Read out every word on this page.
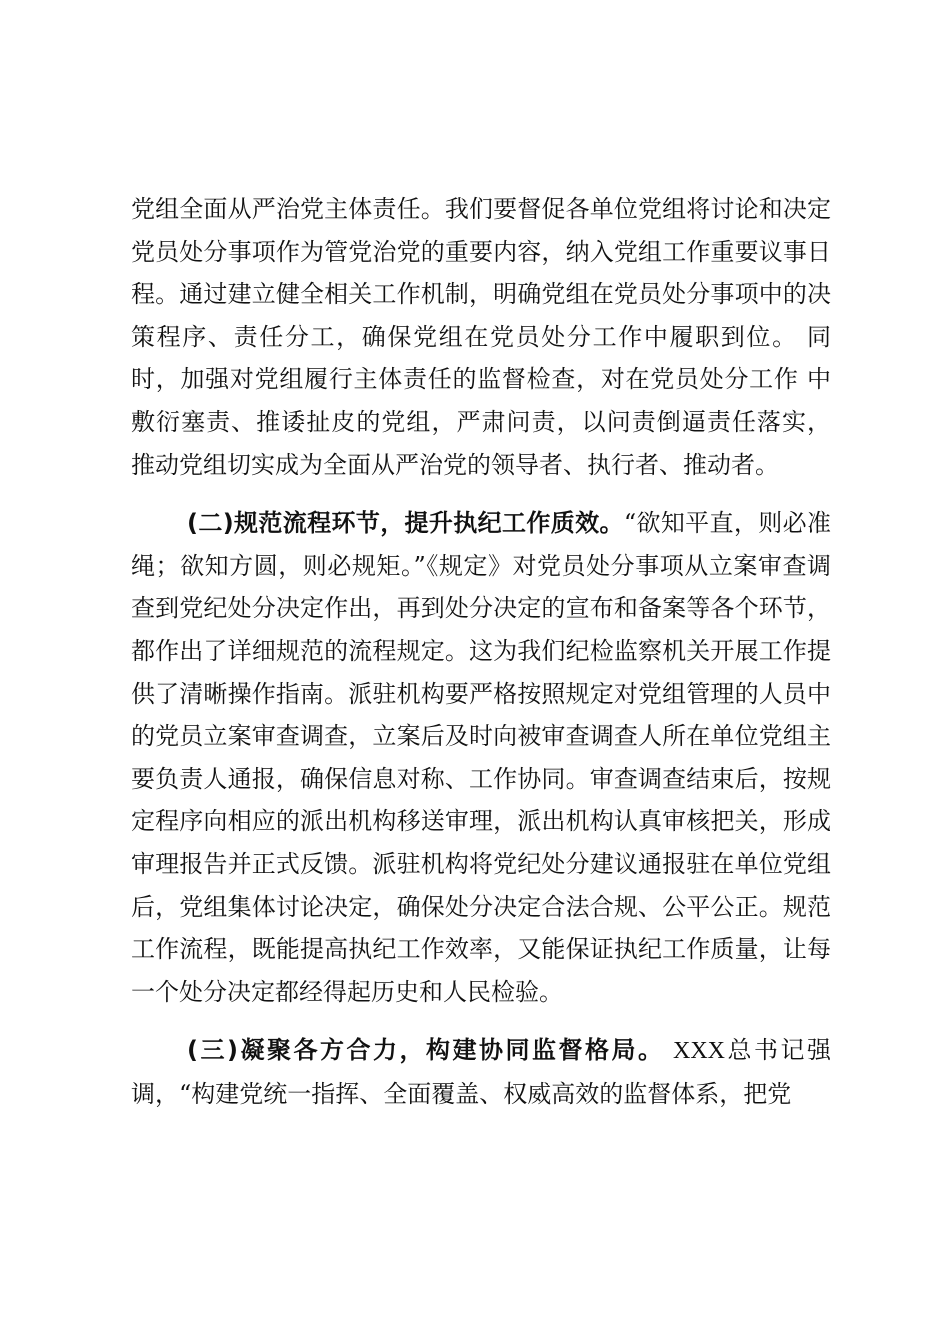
党组全面从严治党主体责任。我们要督促各单位党组将讨论和决定党员处分事项作为管党治党的重要内容，纳入党组工作重要议事日程。通过建立健全相关工作机制，明确党组在党员处分事项中的决策程序、责任分工，确保党组在党员处分工作中履职到位。 同时，加强对党组履行主体责任的监督检查，对在党员处分工作 中敷衍塞责、推诿扯皮的党组，严肃问责，以问责倒逼责任落实， 推动党组切实成为全面从严治党的领导者、执行者、推动者。

(二)规范流程环节，提升执纪工作质效。“欲知平直，则必准绳；欲知方圆，则必规矩。”《规定》对党员处分事项从立案审查调查到党纪处分决定作出，再到处分决定的宣布和备案等各个环节，都作出了详细规范的流程规定。这为我们纪检监察机关开展工作提供了清晰操作指南。派驻机构要严格按照规定对党组管理的人员中的党员立案审查调查，立案后及时向被审查调查人所在单位党组主要负责人通报，确保信息对称、工作协同。审查调查结束后，按规定程序向相应的派出机构移送审理，派出机构认真审核把关，形成审理报告并正式反馈。派驻机构将党纪处分建议通报驻在单位党组后，党组集体讨论决定，确保处分决定合法合规、公平公正。规范工作流程，既能提高执纪工作效率，又能保证执纪工作质量，让每一个处分决定都经得起历史和人民检验。

(三)凝聚各方合力，构建协同监督格局。 XXX总书记强调，“构建党统一指挥、全面覆盖、权威高效的监督体系，把党
